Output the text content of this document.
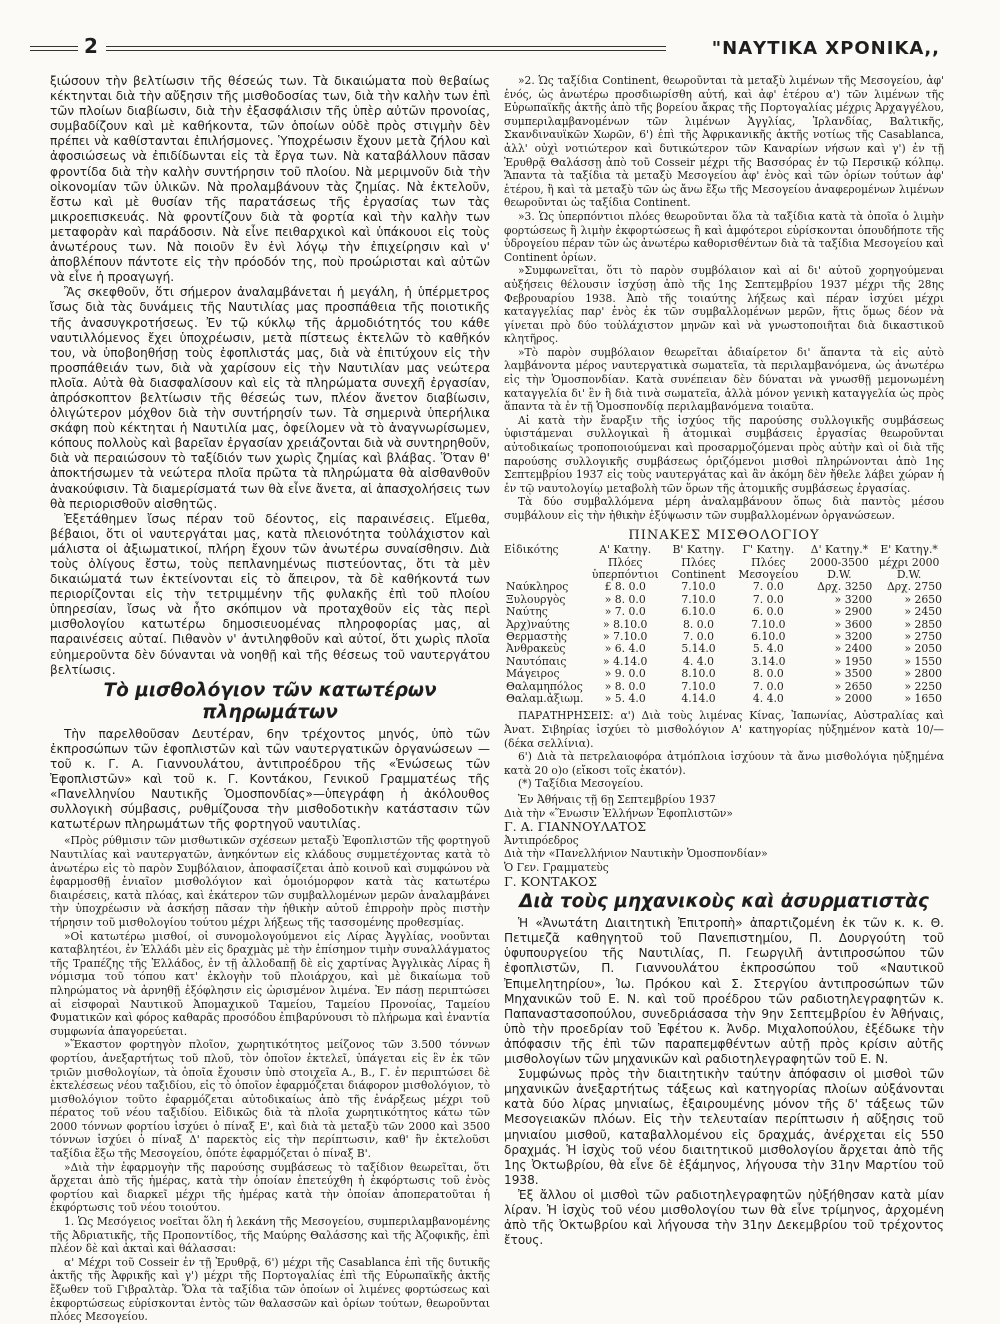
2	"ΝΑΥΤΙΚΑ ΧΡΟΝΙΚΑ,,

ξιώσουν τὴν βελτίωσιν τῆς θέσεώς των. Τὰ δικαιώματα ποὺ θεβαίως κέκτηνται διὰ τὴν αὔξησιν τῆς μισθοδοσίας των, διὰ τὴν καλὴν των ἐπὶ τῶν πλοίων διαβίωσιν, διὰ τὴν ἐξασφάλισιν τῆς ὑπὲρ αὐτῶν προνοίας, συμβαδίζουν καὶ μὲ καθήκοντα, τῶν ὁποίων οὐδὲ πρὸς στιγμὴν δὲν πρέπει νὰ καθίστανται ἐπιλήσμονες. Ὑποχρέωσιν ἔχουν μετὰ ζήλου καὶ ἀφοσιώσεως νὰ ἐπιδίδωνται εἰς τὰ ἔργα των. Νὰ καταβάλλουν πᾶσαν φροντίδα διὰ τὴν καλὴν συντήρησιν τοῦ πλοίου. Νὰ μεριμνοῦν διὰ τὴν οἰκονομίαν τῶν ὑλικῶν. Νὰ προλαμβάνουν τὰς ζημίας. Νὰ ἐκτελοῦν, ἔστω καὶ μὲ θυσίαν τῆς παρατάσεως τῆς ἐργασίας των τὰς μικροεπισκευάς. Νὰ φροντίζουν διὰ τὰ φορτία καὶ τὴν καλὴν των μεταφορὰν καὶ παράδοσιν. Νὰ εἶνε πειθαρχικοὶ καὶ ὑπάκουοι εἰς τοὺς ἀνωτέρους των. Νὰ ποιοῦν ἓν ἑνὶ λόγῳ τὴν ἐπιχείρησιν καὶ ν' ἀποβλέπουν πάντοτε εἰς τὴν πρόοδόν της, ποὺ προώρισται καὶ αὐτῶν νὰ εἶνε ἡ προαγωγή.

Ἂς σκεφθοῦν, ὅτι σήμερον ἀναλαμβάνεται ἡ μεγάλη, ἡ ὑπέρμετρος ἴσως διὰ τὰς δυνάμεις τῆς Ναυτιλίας μας προσπάθεια τῆς ποιοτικῆς τῆς ἀνασυγκροτήσεως. Ἐν τῷ κύκλῳ τῆς ἁρμοδιότητός του κάθε ναυτιλλόμενος ἔχει ὑποχρέωσιν, μετὰ πίστεως ἐκτελῶν τὸ καθῆκόν του, νὰ ὑποβοηθήσῃ τοὺς ἐφοπλιστάς μας, διὰ νὰ ἐπιτύχουν εἰς τὴν προσπάθειάν των, διὰ νὰ χαρίσουν εἰς τὴν Ναυτιλίαν μας νεώτερα πλοῖα. Αὐτὰ θὰ διασφαλίσουν καὶ εἰς τὰ πληρώματα συνεχῆ ἐργασίαν, ἀπρόσκοπτον βελτίωσιν τῆς θέσεώς των, πλέον ἄνετον διαβίωσιν, ὀλιγώτερον μόχθον διὰ τὴν συντήρησίν των. Τὰ σημερινὰ ὑπερήλικα σκάφη ποὺ κέκτηται ἡ Ναυτιλία μας, ὀφείλομεν νὰ τὸ ἀναγνωρίσωμεν, κόπους πολλοὺς καὶ βαρεῖαν ἐργασίαν χρειάζονται διὰ νὰ συντηρηθοῦν, διὰ νὰ περαιώσουν τὸ ταξίδιόν των χωρὶς ζημίας καὶ βλάβας. Ὅταν θ' ἀποκτήσωμεν τὰ νεώτερα πλοῖα πρῶτα τὰ πληρώματα θὰ αἰσθανθοῦν ἀνακούφισιν. Τὰ διαμερίσματά των θὰ εἶνε ἄνετα, αἱ ἀπασχολήσεις των θὰ περιορισθοῦν αἰσθητῶς.

Ἐξετάθημεν ἴσως πέραν τοῦ δέοντος, εἰς παραινέσεις. Εἴμεθα, βέβαιοι, ὅτι οἱ ναυτεργάται μας, κατὰ πλειονότητα τοὐλάχιστον καὶ μάλιστα οἱ ἀξιωματικοί, πλήρη ἔχουν τῶν ἀνωτέρω συναίσθησιν. Διὰ τοὺς ὀλίγους ἔστω, τοὺς πεπλανημένως πιστεύοντας, ὅτι τὰ μὲν δικαιώματά των ἐκτείνονται εἰς τὸ ἄπειρον, τὰ δὲ καθήκοντά των περιορίζονται εἰς τὴν τετριμμένην τῆς φυλακῆς ἐπὶ τοῦ πλοίου ὑπηρεσίαν, ἴσως νὰ ἦτο σκόπιμον νὰ προταχθοῦν εἰς τὰς περὶ μισθολογίου κατωτέρω δημοσιευομένας πληροφορίας μας, αἱ παραινέσεις αὐταί. Πιθανὸν ν' ἀντιληφθοῦν καὶ αὐτοί, ὅτι χωρὶς πλοῖα εὐημεροῦντα δὲν δύνανται νὰ νοηθῇ καὶ τῆς θέσεως τοῦ ναυτεργάτου βελτίωσις.

Τὸ μισθολόγιον τῶν κατωτέρων πληρωμάτων

Τὴν παρελθοῦσαν Δευτέραν, 6ην τρέχοντος μηνός, ὑπὸ τῶν ἐκπροσώπων τῶν ἐφοπλιστῶν καὶ τῶν ναυτεργατικῶν ὀργανώσεων — τοῦ κ. Γ. Α. Γιαννουλάτου, ἀντιπροέδρου τῆς «Ἑνώσεως τῶν Ἐφοπλιστῶν» καὶ τοῦ κ. Γ. Κοντάκου, Γενικοῦ Γραμματέως τῆς «Πανελληνίου Ναυτικῆς Ὁμοσπονδίας»—ὑπεγράφη ἡ ἀκόλουθος συλλογικὴ σύμβασις, ρυθμίζουσα τὴν μισθοδοτικὴν κατάστασιν τῶν κατωτέρων πληρωμάτων τῆς φορτηγοῦ ναυτιλίας.

«Πρὸς ρύθμισιν τῶν μισθωτικῶν σχέσεων μεταξὺ Ἐφοπλιστῶν τῆς φορτηγοῦ Ναυτιλίας καὶ ναυτεργατῶν, ἀνηκόντων εἰς κλάδους συμμετέχοντας κατὰ τὸ ἀνωτέρω εἰς τὸ παρὸν Συμβόλαιον, ἀποφασίζεται ἀπὸ κοινοῦ καὶ συμφώνου νὰ ἐφαρμοσθῇ ἑνιαῖον μισθολόγιον καὶ ὁμοιόμορφον κατὰ τὰς κατωτέρω διαιρέσεις, κατὰ πλόας, καὶ ἑκάτερον τῶν συμβαλλομένων μερῶν ἀναλαμβάνει τὴν ὑποχρέωσιν νὰ ἀσκήσῃ πᾶσαν τὴν ἠθικὴν αὐτοῦ ἐπιρροὴν πρὸς πιστὴν τήρησιν τοῦ μισθολογίου τούτου μέχρι λήξεως τῆς τασσομένης προθεσμίας.

»Οἱ κατωτέρω μισθοί, οἱ συνομολογούμενοι εἰς Λίρας Ἀγγλίας, νοοῦνται καταβλητέοι, ἐν Ἑλλάδι μὲν εἰς δραχμὰς μὲ τὴν ἐπίσημον τιμὴν συναλλάγματος τῆς Τραπέζης τῆς Ἑλλάδος, ἐν τῇ ἀλλοδαπῇ δὲ εἰς χαρτίνας Ἀγγλικὰς Λίρας ἢ νόμισμα τοῦ τόπου κατ' ἐκλογὴν τοῦ πλοιάρχου, καὶ μὲ δικαίωμα τοῦ πληρώματος νὰ ἀρνηθῇ ἐξόφλησιν εἰς ὡρισμένον λιμένα. Ἐν πάσῃ περιπτώσει αἱ εἰσφοραὶ Ναυτικοῦ Ἀπομαχικοῦ Ταμείου, Ταμείου Προνοίας, Ταμείου Φυματικῶν καὶ φόρος καθαρᾶς προσόδου ἐπιβαρύνουσι τὸ πλήρωμα καὶ ἐναντία συμφωνία ἀπαγορεύεται.

»Ἕκαστον φορτηγὸν πλοῖον, χωρητικότητος μείζονος τῶν 3.500 τόννων φορτίου, ἀνεξαρτήτως τοῦ πλοῦ, τὸν ὁποῖον ἐκτελεῖ, ὑπάγεται εἰς ἓν ἐκ τῶν τριῶν μισθολογίων, τὰ ὁποῖα ἔχουσιν ὑπὸ στοιχεῖα Α., Β., Γ. ἐν περιπτώσει δὲ ἐκτελέσεως νέου ταξιδίου, εἰς τὸ ὁποῖον ἐφαρμόζεται διάφορον μισθολόγιον, τὸ μισθολόγιον τοῦτο ἐφαρμόζεται αὐτοδικαίως ἀπὸ τῆς ἐνάρξεως μέχρι τοῦ πέρατος τοῦ νέου ταξιδίου. Εἰδικῶς διὰ τὰ πλοῖα χωρητικότητος κάτω τῶν 2000 τόννων φορτίου ἰσχύει ὁ πίναξ Ε', καὶ διὰ τὰ μεταξὺ τῶν 2000 καὶ 3500 τόννων ἰσχύει ὁ πίναξ Δ' παρεκτὸς εἰς τὴν περίπτωσιν, καθ' ἣν ἐκτελοῦσι ταξίδια ἔξω τῆς Μεσογείου, ὁπότε ἐφαρμόζεται ὁ πίναξ Β'.

»Διὰ τὴν ἐφαρμογὴν τῆς παρούσης συμβάσεως τὸ ταξίδιον θεωρεῖται, ὅτι ἄρχεται ἀπὸ τῆς ἡμέρας, κατὰ τὴν ὁποίαν ἐπετεύχθη ἡ ἐκφόρτωσις τοῦ ἐνὸς φορτίου καὶ διαρκεῖ μέχρι τῆς ἡμέρας κατὰ τὴν ὁποίαν ἀποπερατοῦται ἡ ἐκφόρτωσις τοῦ νέου τοιούτου.

1. Ὡς Μεσόγειος νοεῖται ὅλη ἡ λεκάνη τῆς Μεσογείου, συμπεριλαμβανομένης τῆς Ἀδριατικῆς, τῆς Προποντίδος, τῆς Μαύρης Θαλάσσης καὶ τῆς Ἀζοφικῆς, ἐπὶ πλέον δὲ καὶ ἀκταὶ καὶ θάλασσαι:

α' Μέχρι τοῦ Cosseir ἐν τῇ Ἐρυθρᾷ, 6') μέχρι τῆς Casablanca ἐπὶ τῆς δυτικῆς ἀκτῆς τῆς Ἀφρικῆς καὶ γ') μέχρι τῆς Πορτογαλίας ἐπὶ τῆς Εὐρωπαϊκῆς ἀκτῆς ἔξωθεν τοῦ Γιβραλτὰρ. Ὅλα τὰ ταξίδια τῶν ὁποίων οἱ λιμένες φορτώσεως καὶ ἐκφορτώσεως εὑρίσκονται ἐντὸς τῶν θαλασσῶν καὶ ὁρίων τούτων, θεωροῦνται πλόες Μεσογείου.

»2. Ὡς ταξίδια Continent, θεωροῦνται τὰ μεταξὺ λιμένων τῆς Μεσογείου, ἀφ' ἑνός, ὡς ἀνωτέρω προσδιωρίσθη αὐτή, καὶ ἀφ' ἑτέρου α') τῶν λιμένων τῆς Εὐρωπαϊκῆς ἀκτῆς ἀπὸ τῆς βορείου ἄκρας τῆς Πορτογαλίας μέχρις Ἀρχαγγέλου, συμπεριλαμβανομένων τῶν λιμένων Ἀγγλίας, Ἰρλανδίας, Βαλτικῆς, Σκανδιναυϊκῶν Χωρῶν, 6') ἐπὶ τῆς Ἀφρικανικῆς ἀκτῆς νοτίως τῆς Casablanca, ἀλλ' οὐχὶ νοτιώτερον καὶ δυτικώτερον τῶν Καναρίων νήσων καὶ γ') ἐν τῇ Ἐρυθρᾷ Θαλάσσῃ ἀπὸ τοῦ Cosseir μέχρι τῆς Βασσόρας ἐν τῷ Περσικῷ κόλπῳ. Ἅπαντα τὰ ταξίδια τὰ μεταξὺ Μεσογείου ἀφ' ἑνὸς καὶ τῶν ὁρίων τούτων ἀφ' ἑτέρου, ἢ καὶ τὰ μεταξὺ τῶν ὡς ἄνω ἔξω τῆς Μεσογείου ἀναφερομένων λιμένων θεωροῦνται ὡς ταξίδια Continent.

»3. Ὡς ὑπερπόντιοι πλόες θεωροῦνται ὅλα τὰ ταξίδια κατὰ τὰ ὁποῖα ὁ λιμὴν φορτώσεως ἢ λιμὴν ἐκφορτώσεως ἢ καὶ ἀμφότεροι εὑρίσκονται ὁπουδήποτε τῆς ὑδρογείου πέραν τῶν ὡς ἀνωτέρω καθορισθέντων διὰ τὰ ταξίδια Μεσογείου καὶ Continent ὁρίων.

»Συμφωνεῖται, ὅτι τὸ παρὸν συμβόλαιον καὶ αἱ δι' αὐτοῦ χορηγούμεναι αὐξήσεις θέλουσιν ἰσχύσῃ ἀπὸ τῆς 1ης Σεπτεμβρίου 1937 μέχρι τῆς 28ης Φεβρουαρίου 1938. Ἀπὸ τῆς τοιαύτης λήξεως καὶ πέραν ἰσχύει μέχρι καταγγελίας παρ' ἑνὸς ἐκ τῶν συμβαλλομένων μερῶν, ἥτις ὅμως δέον νὰ γίνεται πρὸ δύο τοὐλάχιστον μηνῶν καὶ νὰ γνωστοποιῆται διὰ δικαστικοῦ κλητῆρος.

»Τὸ παρὸν συμβόλαιον θεωρεῖται ἀδιαίρετον δι' ἅπαντα τὰ εἰς αὐτὸ λαμβάνοντα μέρος ναυτεργατικὰ σωματεῖα, τὰ περιλαμβανόμενα, ὡς ἀνωτέρω εἰς τὴν Ὁμοσπονδίαν. Κατὰ συνέπειαν δὲν δύναται νὰ γνωσθῇ μεμονωμένη καταγγελία δι' ἓν ἢ διὰ τινὰ σωματεῖα, ἀλλὰ μόνον γενικὴ καταγγελία ὡς πρὸς ἅπαντα τὰ ἐν τῇ Ὁμοσπονδίᾳ περιλαμβανόμενα τοιαῦτα.

Αἱ κατὰ τὴν ἔναρξιν τῆς ἰσχύος τῆς παρούσης συλλογικῆς συμβάσεως ὑφιστάμεναι συλλογικαὶ ἢ ἀτομικαὶ συμβάσεις ἐργασίας θεωροῦνται αὐτοδικαίως τροποποιούμεναι καὶ προσαρμοζόμεναι πρὸς αὐτὴν καὶ οἱ διὰ τῆς παρούσης συλλογικῆς συμβάσεως ὁριζόμενοι μισθοὶ πληρώνονται ἀπὸ 1ης Σεπτεμβρίου 1937 εἰς τοὺς ναυτεργάτας καὶ ἂν ἀκόμη δὲν ἤθελε λάβει χώραν ἡ ἐν τῷ ναυτολογίῳ μεταβολὴ τῶν ὅρων τῆς ἀτομικῆς συμβάσεως ἐργασίας.

Τὰ δύο συμβαλλόμενα μέρη ἀναλαμβάνουν ὅπως διὰ παντὸς μέσου συμβάλουν εἰς τὴν ἠθικὴν ἐξύψωσιν τῶν συμβαλλομένων ὀργανώσεων.

ΠΙΝΑΚΕΣ ΜΙΣΘΟΛΟΓΙΟΥ
Εἰδικότης	Α' Κατηγ. Πλόες ὑπερπόντιοι	Β' Κατηγ. Πλόες Continent	Γ' Κατηγ. Πλόες Μεσογείου	Δ' Κατηγ.* 2000-3500 D.W.	Ε' Κατηγ.* μέχρι 2000 D.W.
Ναύκληρος	£ 8. 0.0	7.10.0	7. 0.0	Δρχ. 3250	Δρχ. 2750
Ξυλουργὸς	» 8. 0.0	7.10.0	7. 0.0	» 3200	» 2650
Ναύτης	» 7. 0.0	6.10.0	6. 0.0	» 2900	» 2450
Ἀρχ)ναύτης	» 8.10.0	8. 0.0	7.10.0	» 3600	» 2850
Θερμαστὴς	» 7.10.0	7. 0.0	6.10.0	» 3200	» 2750
Ἀνθρακεὺς	» 6. 4.0	5.14.0	5. 4.0	» 2400	» 2050
Ναυτόπαις	» 4.14.0	4. 4.0	3.14.0	» 1950	» 1550
Μάγειρος	» 9. 0.0	8.10.0	8. 0.0	» 3500	» 2800
Θαλαμηπόλος	» 8. 0.0	7.10.0	7. 0.0	» 2650	» 2250
Θαλαμ.ἀξιωμ.	» 5. 4.0	4.14.0	4. 4.0	» 2000	» 1650

ΠΑΡΑΤΗΡΗΣΕΙΣ: α') Διὰ τοὺς λιμένας Κίνας, Ἰαπωνίας, Αὐστραλίας καὶ Ἀνατ. Σιβηρίας ἰσχύει τὸ μισθολόγιον Α' κατηγορίας ηὐξημένον κατὰ 10/— (δέκα σελλίνια).

6') Διὰ τὰ πετρελαιοφόρα ἀτμόπλοια ἰσχύουν τὰ ἄνω μισθολόγια ηὐξημένα κατὰ 20 ο)ο (εἴκοσι τοῖς ἑκατόν).

(*) Ταξίδια Μεσογείου.

Ἐν Ἀθήναις τῇ 6ῃ Σεπτεμβρίου 1937

Διὰ τὴν «Ἕνωσιν Ἑλλήνων Ἐφοπλιστῶν»

Γ. Α. ΓΙΑΝΝΟΥΛΑΤΟΣ

Ἀντιπρόεδρος

Διὰ τὴν «Πανελλήνιον Ναυτικὴν Ὁμοσπονδίαν»

Ὁ Γεν. Γραμματεὺς

Γ. ΚΟΝΤΑΚΟΣ

Διὰ τοὺς μηχανικοὺς καὶ ἀσυρματιστὰς

Ἡ «Ἀνωτάτη Διαιτητικὴ Ἐπιτροπὴ» ἀπαρτιζομένη ἐκ τῶν κ. κ. Θ. Πετιμεζᾶ καθηγητοῦ τοῦ Πανεπιστημίου, Π. Δουργούτη τοῦ ὑφυπουργείου τῆς Ναυτιλίας, Π. Γεωργιλῆ ἀντιπροσώπου τῶν ἐφοπλιστῶν, Π. Γιαννουλάτου ἐκπροσώπου τοῦ «Ναυτικοῦ Ἐπιμελητηρίου», Ἰω. Πρόκου καὶ Σ. Στεργίου ἀντιπροσώπων τῶν Μηχανικῶν τοῦ Ε. Ν. καὶ τοῦ προέδρου τῶν ραδιοτηλεγραφητῶν κ. Παπαναστασοπούλου, συνεδριάσασα τὴν 9ην Σεπτεμβρίου ἐν Ἀθήναις, ὑπὸ τὴν προεδρίαν τοῦ Ἐφέτου κ. Ἀνδρ. Μιχαλοπούλου, ἐξέδωκε τὴν ἀπόφασιν τῆς ἐπὶ τῶν παραπεμφθέντων αὐτῇ πρὸς κρίσιν αὐτῆς μισθολογίων τῶν μηχανικῶν καὶ ραδιοτηλεγραφητῶν τοῦ Ε. Ν.

Συμφώνως πρὸς τὴν διαιτητικὴν ταύτην ἀπόφασιν οἱ μισθοὶ τῶν μηχανικῶν ἀνεξαρτήτως τάξεως καὶ κατηγορίας πλοίων αὐξάνονται κατὰ δύο λίρας μηνιαίως, ἐξαιρουμένης μόνον τῆς δ' τάξεως τῶν Μεσογειακῶν πλόων. Εἰς τὴν τελευταίαν περίπτωσιν ἡ αὔξησις τοῦ μηνιαίου μισθοῦ, καταβαλλομένου εἰς δραχμάς, ἀνέρχεται εἰς 550 δραχμάς. Ἡ ἰσχὺς τοῦ νέου διαιτητικοῦ μισθολογίου ἄρχεται ἀπὸ τῆς 1ης Ὀκτωβρίου, θὰ εἶνε δὲ ἑξάμηνος, λήγουσα τὴν 31ην Μαρτίου τοῦ 1938.

Ἐξ ἄλλου οἱ μισθοὶ τῶν ραδιοτηλεγραφητῶν ηὐξήθησαν κατὰ μίαν λίραν. Ἡ ἰσχὺς τοῦ νέου μισθολογίου των θὰ εἶνε τρίμηνος, ἀρχομένη ἀπὸ τῆς Ὀκτωβρίου καὶ λήγουσα τὴν 31ην Δεκεμβρίου τοῦ τρέχοντος ἔτους.
